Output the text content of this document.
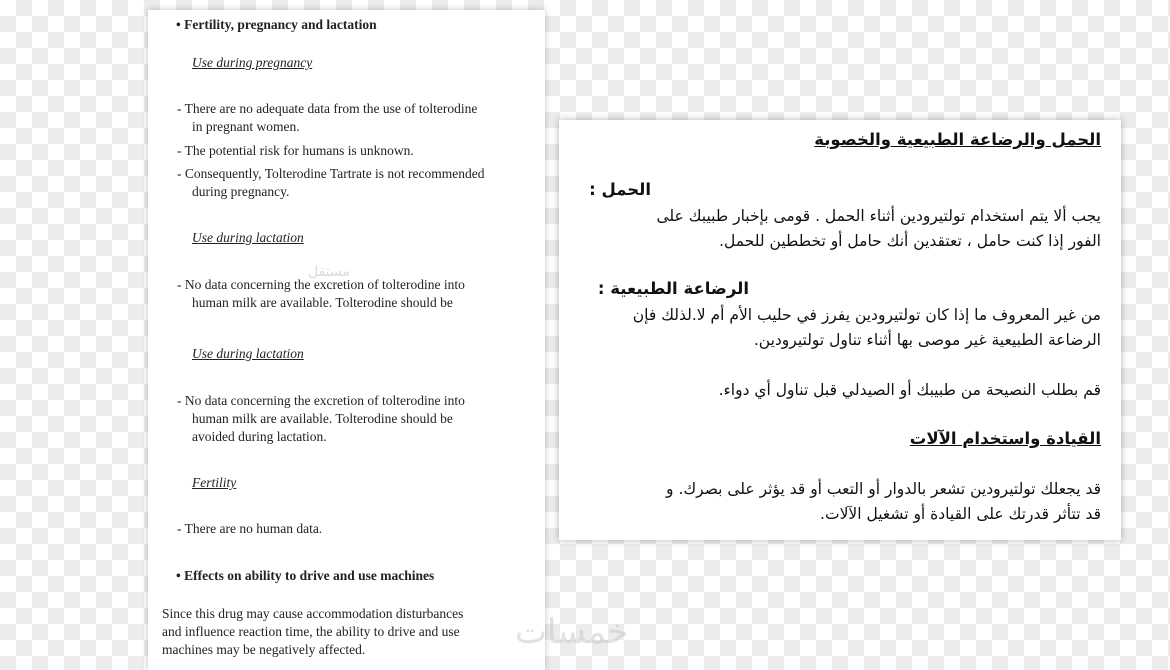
• Fertility, pregnancy and lactation
Use during pregnancy
- There are no adequate data from the use of tolterodine
in pregnant women.
- The potential risk for humans is unknown.
- Consequently, Tolterodine Tartrate is not recommended
during pregnancy.
Use during lactation
- No data concerning the excretion of tolterodine into
human milk are available. Tolterodine should be
مستقل
Use during lactation
- No data concerning the excretion of tolterodine into
human milk are available. Tolterodine should be
avoided during lactation.
Fertility
- There are no human data.
• Effects on ability to drive and use machines
Since this drug may cause accommodation disturbances
and influence reaction time, the ability to drive and use
machines may be negatively affected.
الحمل والرضاعة الطبيعية والخصوبة
الحمل :
يجب ألا يتم استخدام تولتيرودين أثناء الحمل . قومى بإخبار طبيبك على
الفور إذا كنت حامل ، تعتقدين أنك حامل أو تخططين للحمل.
الرضاعة الطبيعية :
من غير المعروف ما إذا كان تولتيرودين يفرز في حليب الأم أم لا.لذلك فإن
الرضاعة الطبيعية غير موصى بها أثناء تناول تولتيرودين.
قم بطلب النصيحة من طبيبك أو الصيدلي قبل تناول أي دواء.
القيادة واستخدام الآلات
قد يجعلك تولتيرودين تشعر بالدوار أو التعب أو قد يؤثر على بصرك. و
قد تتأثر قدرتك على القيادة أو تشغيل الآلات.
خمسات
